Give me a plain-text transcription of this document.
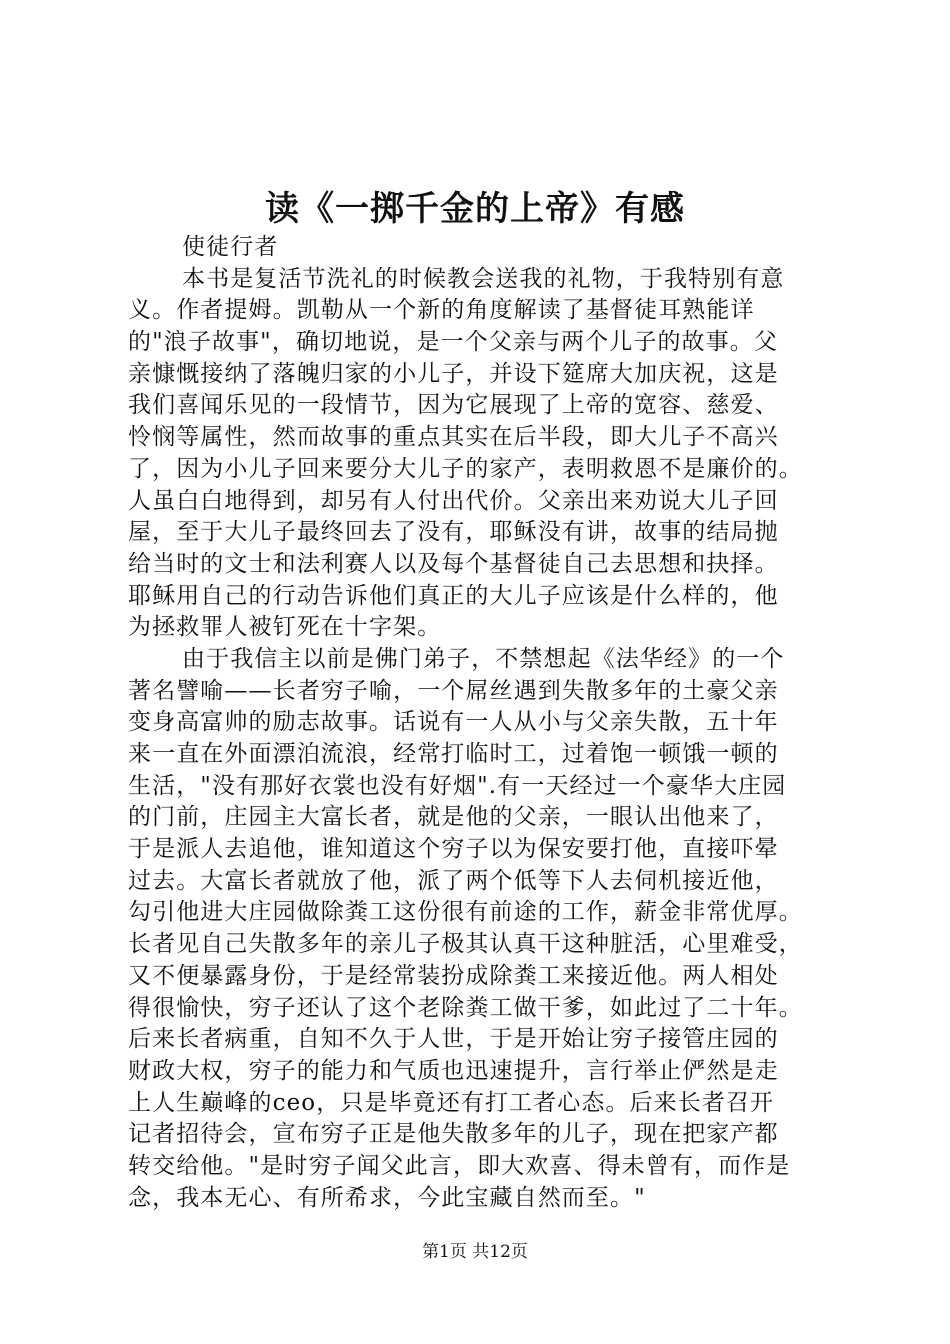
读《一掷千金的上帝》有感
使徒行者
本书是复活节洗礼的时候教会送我的礼物，于我特别有意
义。作者提姆。凯勒从一个新的角度解读了基督徒耳熟能详
的"浪子故事"，确切地说，是一个父亲与两个儿子的故事。父
亲慷慨接纳了落魄归家的小儿子，并设下筵席大加庆祝，这是
我们喜闻乐见的一段情节，因为它展现了上帝的宽容、慈爱、
怜悯等属性，然而故事的重点其实在后半段，即大儿子不高兴
了，因为小儿子回来要分大儿子的家产，表明救恩不是廉价的。
人虽白白地得到，却另有人付出代价。父亲出来劝说大儿子回
屋，至于大儿子最终回去了没有，耶稣没有讲，故事的结局抛
给当时的文士和法利赛人以及每个基督徒自己去思想和抉择。
耶稣用自己的行动告诉他们真正的大儿子应该是什么样的，他
为拯救罪人被钉死在十字架。
由于我信主以前是佛门弟子，不禁想起《法华经》的一个
著名譬喻——长者穷子喻，一个屌丝遇到失散多年的土豪父亲
变身高富帅的励志故事。话说有一人从小与父亲失散，五十年
来一直在外面漂泊流浪，经常打临时工，过着饱一顿饿一顿的
生活，"没有那好衣裳也没有好烟".有一天经过一个豪华大庄园
的门前，庄园主大富长者，就是他的父亲，一眼认出他来了，
于是派人去追他，谁知道这个穷子以为保安要打他，直接吓晕
过去。大富长者就放了他，派了两个低等下人去伺机接近他，
勾引他进大庄园做除粪工这份很有前途的工作，薪金非常优厚。
长者见自己失散多年的亲儿子极其认真干这种脏活，心里难受，
又不便暴露身份，于是经常装扮成除粪工来接近他。两人相处
得很愉快，穷子还认了这个老除粪工做干爹，如此过了二十年。
后来长者病重，自知不久于人世，于是开始让穷子接管庄园的
财政大权，穷子的能力和气质也迅速提升，言行举止俨然是走
上人生巅峰的ceo，只是毕竟还有打工者心态。后来长者召开
记者招待会，宣布穷子正是他失散多年的儿子，现在把家产都
转交给他。"是时穷子闻父此言，即大欢喜、得未曾有，而作是
念，我本无心、有所希求，今此宝藏自然而至。"
第1页 共12页
